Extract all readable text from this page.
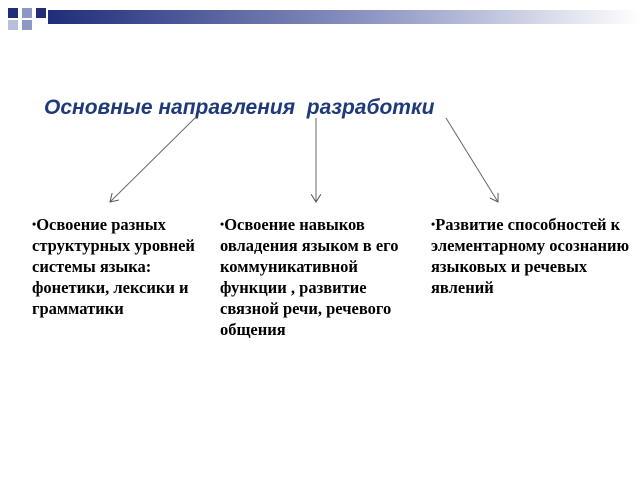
Основные направления  разработки
•Освоение разных структурных уровней системы языка: фонетики, лексики и грамматики
•Освоение навыков овладения языком в его коммуникативной функции , развитие связной речи, речевого общения
•Развитие способностей к элементарному осознанию языковых и речевых явлений
